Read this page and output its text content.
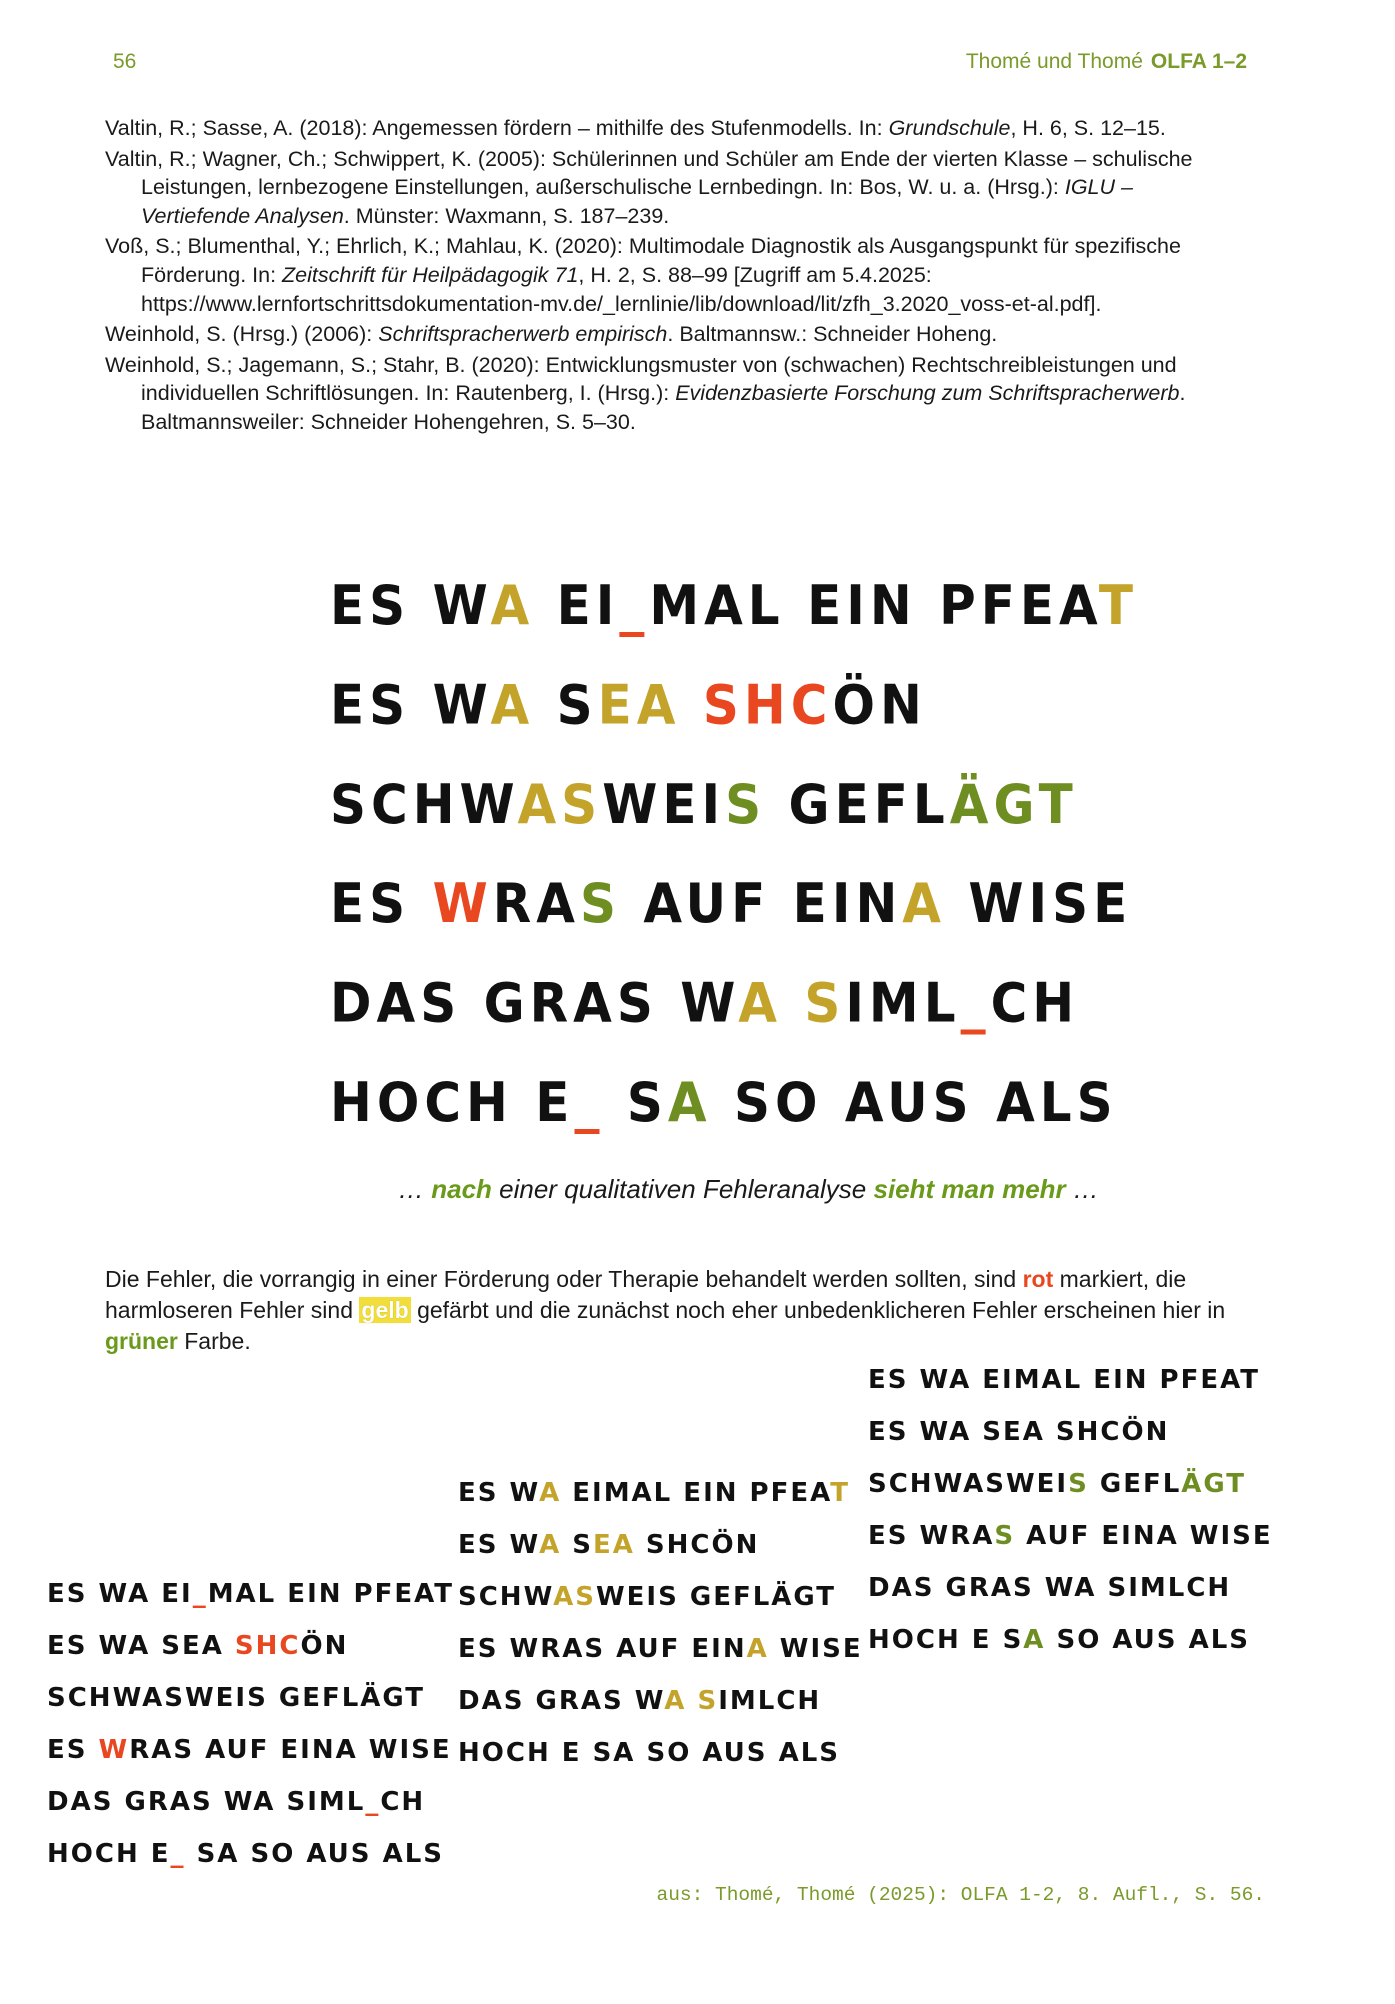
56	Thomé und Thomé OLFA 1–2
Valtin, R.; Sasse, A. (2018): Angemessen fördern – mithilfe des Stufenmodells. In: Grundschule, H. 6, S. 12–15.
Valtin, R.; Wagner, Ch.; Schwippert, K. (2005): Schülerinnen und Schüler am Ende der vierten Klasse – schulische Leistungen, lernbezogene Einstellungen, außerschulische Lernbedingn. In: Bos, W. u. a. (Hrsg.): IGLU – Vertiefende Analysen. Münster: Waxmann, S. 187–239.
Voß, S.; Blumenthal, Y.; Ehrlich, K.; Mahlau, K. (2020): Multimodale Diagnostik als Ausgangspunkt für spezifische Förderung. In: Zeitschrift für Heilpädagogik 71, H. 2, S. 88–99 [Zugriff am 5.4.2025: https://www.lernfortschrittsdokumentation-mv.de/_lernlinie/lib/download/lit/zfh_3.2020_voss-et-al.pdf].
Weinhold, S. (Hrsg.) (2006): Schriftspracherwerb empirisch. Baltmannsw.: Schneider Hoheng.
Weinhold, S.; Jagemann, S.; Stahr, B. (2020): Entwicklungsmuster von (schwachen) Rechtschreibleistungen und individuellen Schriftlösungen. In: Rautenberg, I. (Hrsg.): Evidenzbasierte Forschung zum Schriftspracherwerb. Baltmannsweiler: Schneider Hohengehren, S. 5–30.
ES WA EI_MAL EIN PFEAT
ES WA SEA SHCÖN
SCHWASWEIS GEFLÄGT
ES WRAS AUF EINA WISE
DAS GRAS WA SIML_CH
HOCH E_ SA SO AUS ALS
… nach einer qualitativen Fehleranalyse sieht man mehr …
Die Fehler, die vorrangig in einer Förderung oder Therapie behandelt werden sollten, sind rot markiert, die harmloseren Fehler sind gelb gefärbt und die zunächst noch eher unbedenklicheren Fehler erscheinen hier in grüner Farbe.
ES WA EI_MAL EIN PFEAT
ES WA SEA SHCÖN
SCHWASWEIS GEFLÄGT
ES WRAS AUF EINA WISE
DAS GRAS WA SIML_CH
HOCH E_ SA SO AUS ALS
ES WA EIMAL EIN PFEAT
ES WA SEA SHCÖN
SCHWASWEIS GEFLÄGT
ES WRAS AUF EINA WISE
DAS GRAS WA SIMLCH
HOCH E SA SO AUS ALS
ES WA EIMAL EIN PFEAT
ES WA SEA SHCÖN
SCHWASWEIS GEFLÄGT
ES WRAS AUF EINA WISE
DAS GRAS WA SIMLCH
HOCH E SA SO AUS ALS
aus: Thomé, Thomé (2025): OLFA 1-2, 8. Aufl., S. 56.
